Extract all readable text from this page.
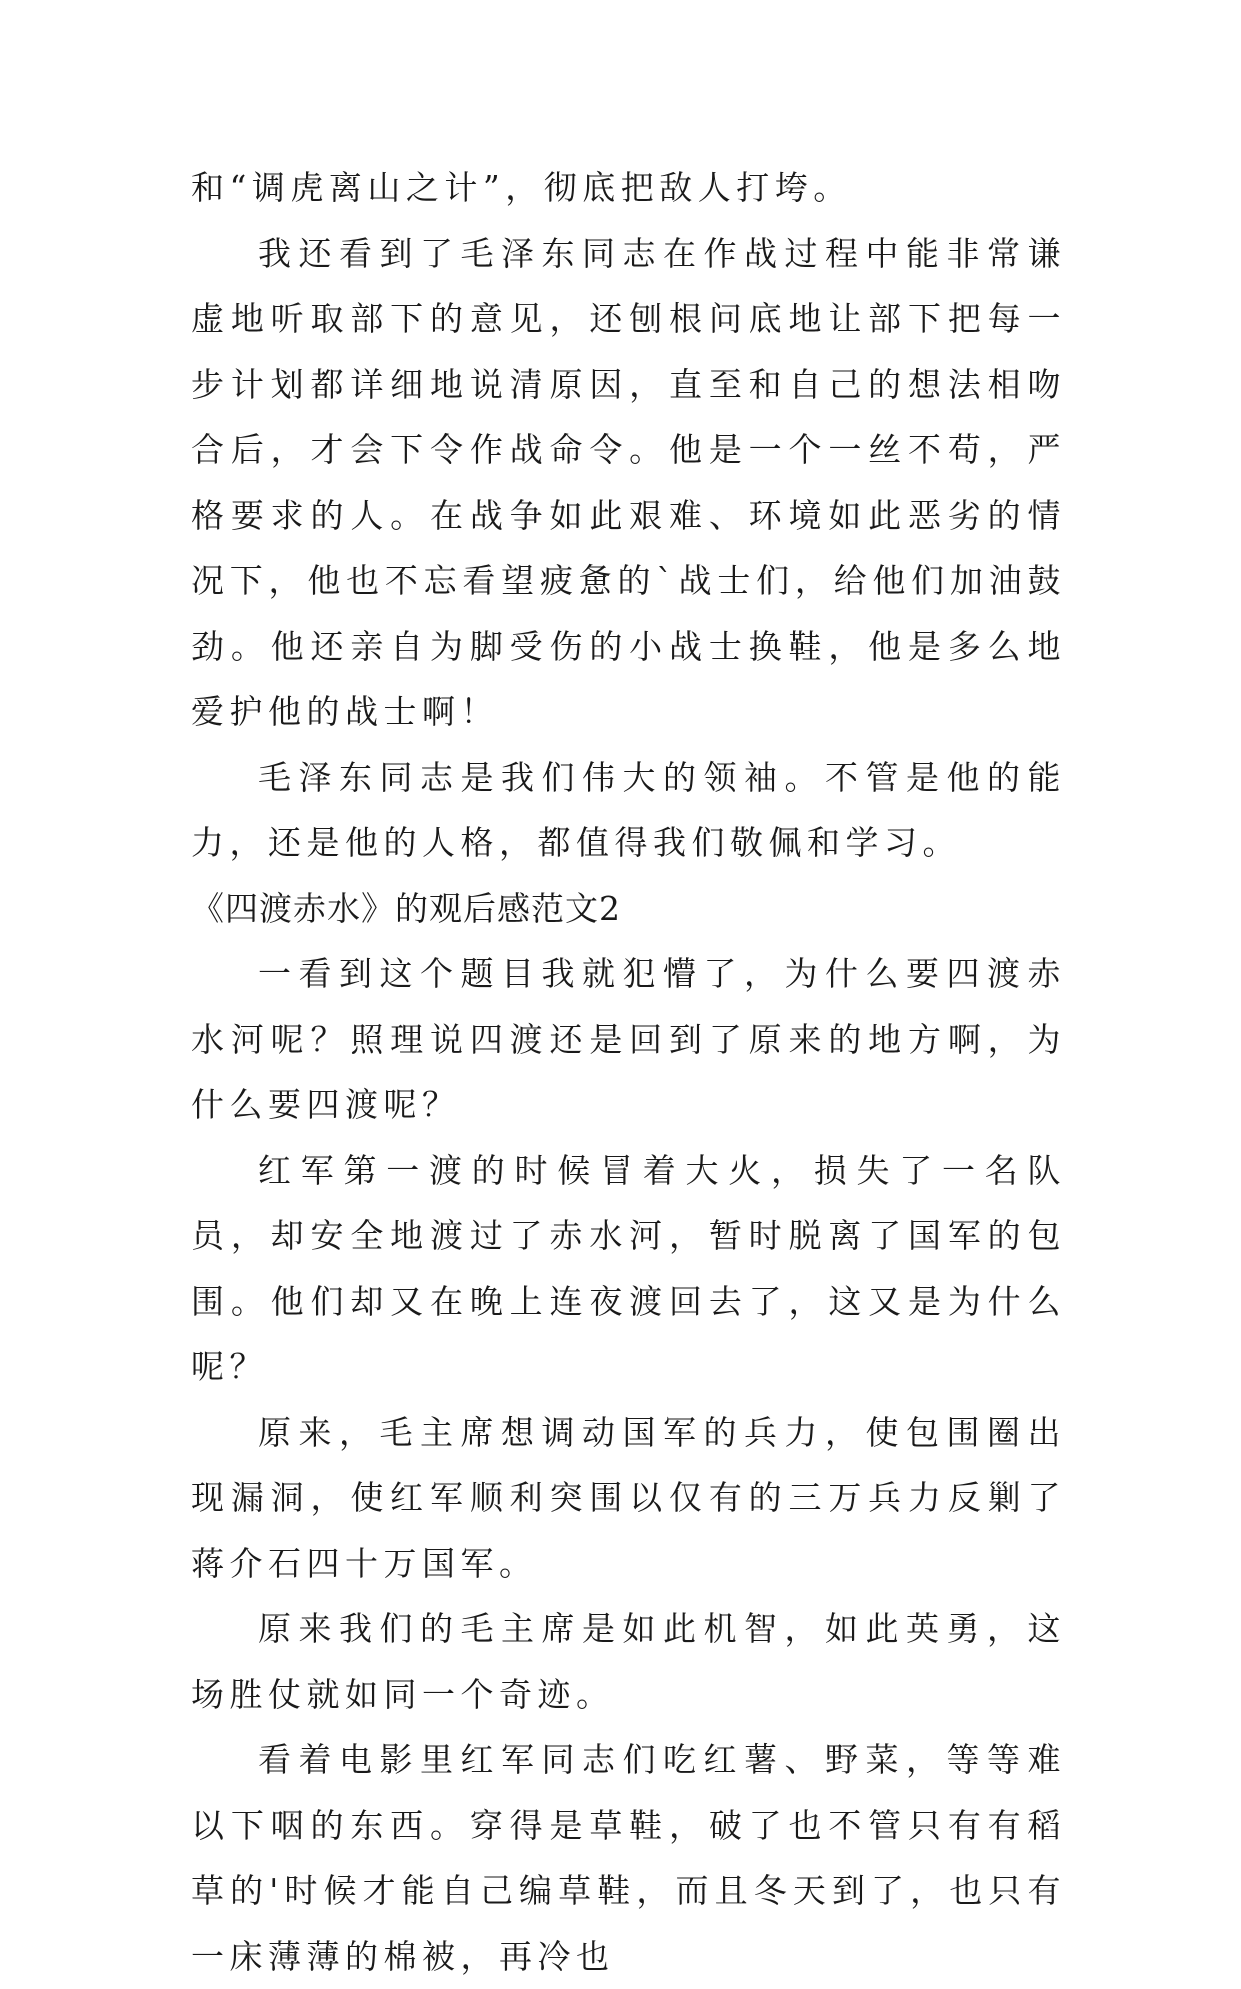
和“调虎离山之计”，彻底把敌人打垮。

我还看到了毛泽东同志在作战过程中能非常谦虚地听取部下的意见，还刨根问底地让部下把每一步计划都详细地说清原因，直至和自己的想法相吻合后，才会下令作战命令。他是一个一丝不苟，严格要求的人。在战争如此艰难、环境如此恶劣的情况下，他也不忘看望疲惫的`战士们，给他们加油鼓劲。他还亲自为脚受伤的小战士换鞋，他是多么地爱护他的战士啊！

毛泽东同志是我们伟大的领袖。不管是他的能力，还是他的人格，都值得我们敬佩和学习。

《四渡赤水》的观后感范文2

一看到这个题目我就犯懵了，为什么要四渡赤水河呢？照理说四渡还是回到了原来的地方啊，为什么要四渡呢？

红军第一渡的时候冒着大火，损失了一名队员，却安全地渡过了赤水河，暂时脱离了国军的包围。他们却又在晚上连夜渡回去了，这又是为什么呢？

原来，毛主席想调动国军的兵力，使包围圈出现漏洞，使红军顺利突围以仅有的三万兵力反剿了蒋介石四十万国军。

原来我们的毛主席是如此机智，如此英勇，这场胜仗就如同一个奇迹。

看着电影里红军同志们吃红薯、野菜，等等难以下咽的东西。穿得是草鞋，破了也不管只有有稻草的'时候才能自己编草鞋，而且冬天到了，也只有一床薄薄的棉被，再冷也
